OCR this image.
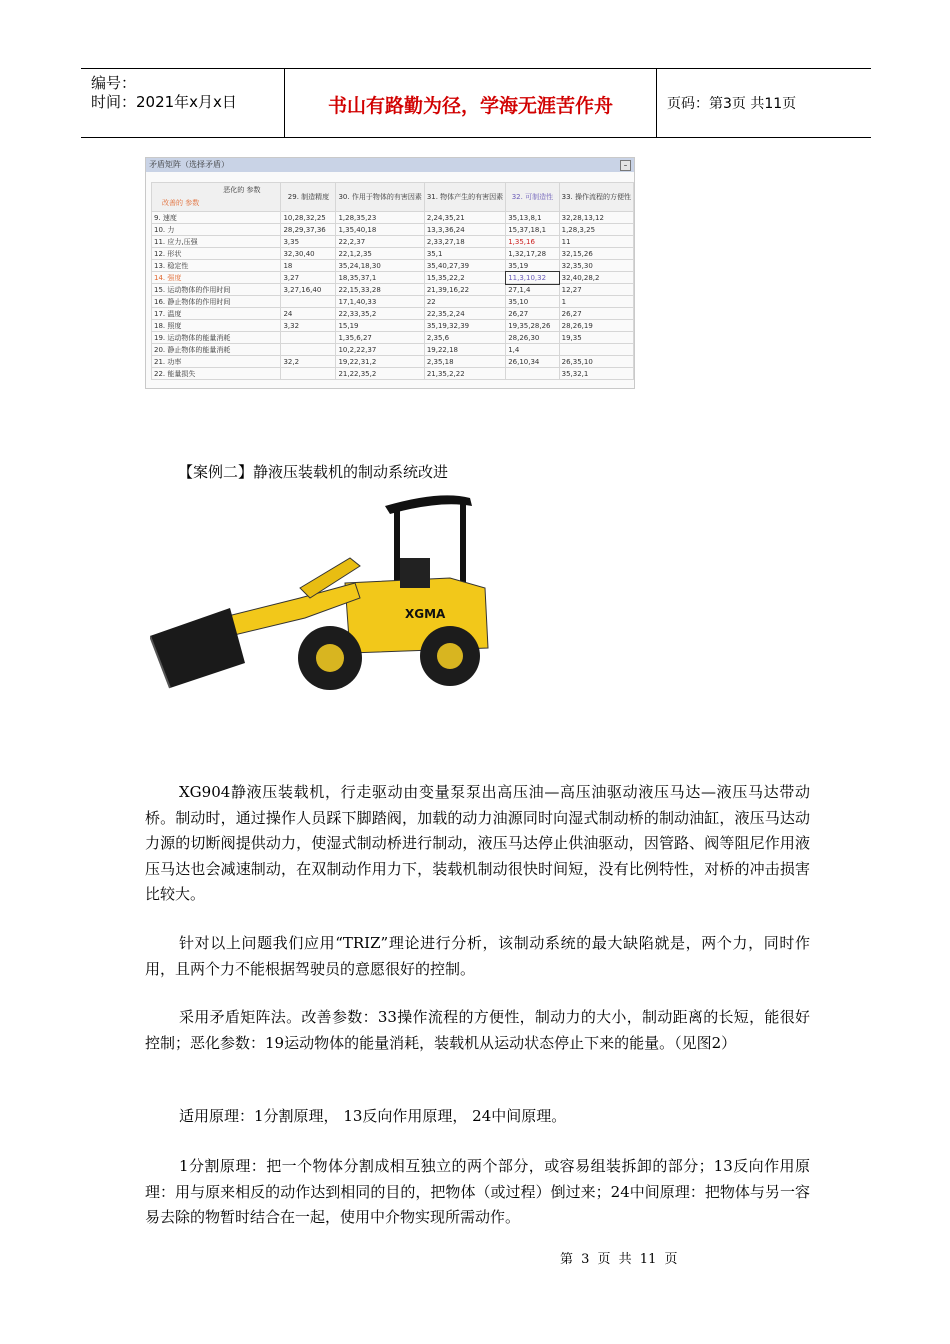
编号：
时间：2021年x月x日	书山有路勤为径，学海无涯苦作舟	页码：第3页 共11页
矛盾矩阵（选择矛盾）	–
恶化的 参数
改善的 参数	29. 制造精度	30. 作用于物体的有害因素	31. 物体产生的有害因素	32. 可制造性	33. 操作流程的方便性
9. 速度	10,28,32,25	1,28,35,23	2,24,35,21	35,13,8,1	32,28,13,12
10. 力	28,29,37,36	1,35,40,18	13,3,36,24	15,37,18,1	1,28,3,25
11. 应力,压强	3,35	22,2,37	2,33,27,18	1,35,16	11
12. 形状	32,30,40	22,1,2,35	35,1	1,32,17,28	32,15,26
13. 稳定性	18	35,24,18,30	35,40,27,39	35,19	32,35,30
14. 强度	3,27	18,35,37,1	15,35,22,2	11,3,10,32	32,40,28,2
15. 运动物体的作用时间	3,27,16,40	22,15,33,28	21,39,16,22	27,1,4	12,27
16. 静止物体的作用时间		17,1,40,33	22	35,10	1
17. 温度	24	22,33,35,2	22,35,2,24	26,27	26,27
18. 照度	3,32	15,19	35,19,32,39	19,35,28,26	28,26,19
19. 运动物体的能量消耗		1,35,6,27	2,35,6	28,26,30	19,35
20. 静止物体的能量消耗		10,2,22,37	19,22,18	1,4	
21. 功率	32,2	19,22,31,2	2,35,18	26,10,34	26,35,10
22. 能量损失		21,22,35,2	21,35,2,22		35,32,1
【案例二】静液压装载机的制动系统改进
XGMA
XG904静液压装载机，行走驱动由变量泵泵出高压油—高压油驱动液压马达—液压马达带动桥。制动时，通过操作人员踩下脚踏阀，加载的动力油源同时向湿式制动桥的制动油缸，液压马达动力源的切断阀提供动力，使湿式制动桥进行制动，液压马达停止供油驱动，因管路、阀等阻尼作用液压马达也会减速制动，在双制动作用力下，装载机制动很快时间短，没有比例特性，对桥的冲击损害比较大。
针对以上问题我们应用“TRIZ”理论进行分析，该制动系统的最大缺陷就是，两个力，同时作用，且两个力不能根据驾驶员的意愿很好的控制。
采用矛盾矩阵法。改善参数：33操作流程的方便性，制动力的大小，制动距离的长短，能很好控制；恶化参数：19运动物体的能量消耗，装载机从运动状态停止下来的能量。（见图2）
适用原理：1分割原理， 13反向作用原理， 24中间原理。
1分割原理：把一个物体分割成相互独立的两个部分，或容易组装拆卸的部分；13反向作用原理：用与原来相反的动作达到相同的目的，把物体（或过程）倒过来；24中间原理：把物体与另一容易去除的物暂时结合在一起，使用中介物实现所需动作。
第 3 页 共 11 页
